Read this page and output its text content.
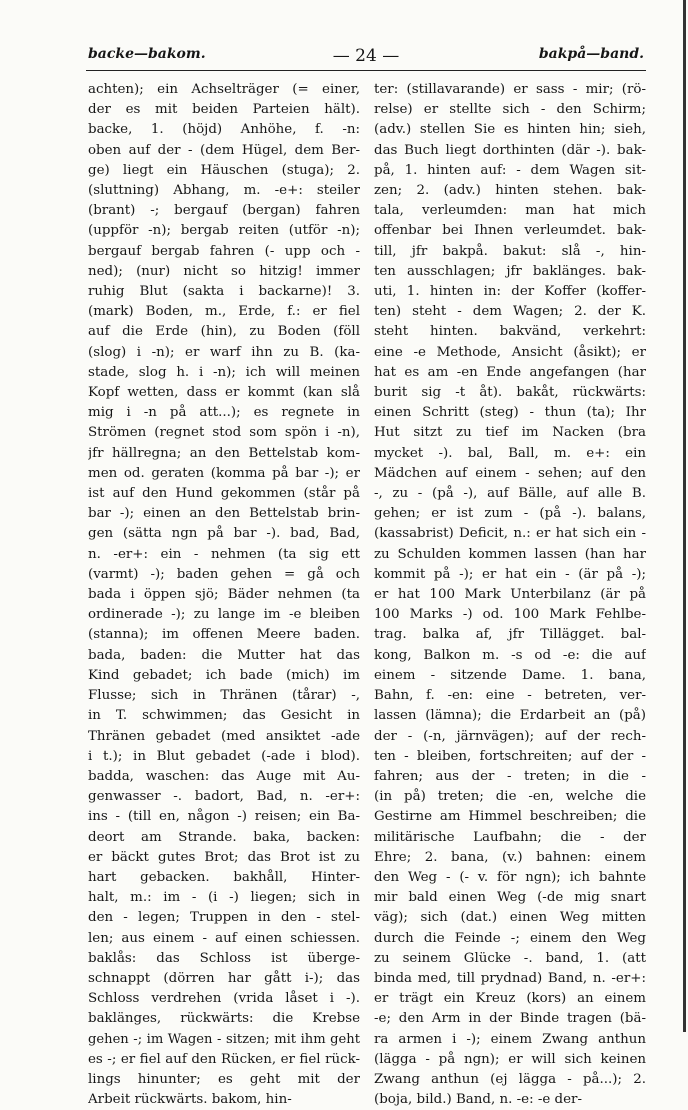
backe—bakom.	— 24 —	bakpå—band.

achten); ein Achselträger (= einer,

der es mit beiden Parteien hält).

backe, 1. (höjd) Anhöhe, f. -n:

oben auf der - (dem Hügel, dem Ber-

ge) liegt ein Häuschen (stuga); 2.

(sluttning) Abhang, m. -e+: steiler

(brant) -; bergauf (bergan) fahren

(uppför -n); bergab reiten (utför -n);

bergauf bergab fahren (- upp och -

ned); (nur) nicht so hitzig! immer

ruhig Blut (sakta i backarne)! 3.

(mark) Boden, m., Erde, f.: er fiel

auf die Erde (hin), zu Boden (föll

(slog) i -n); er warf ihn zu B. (ka-

stade, slog h. i -n); ich will meinen

Kopf wetten, dass er kommt (kan slå

mig i -n på att...); es regnete in

Strömen (regnet stod som spön i -n),

jfr hällregna; an den Bettelstab kom-

men od. geraten (komma på bar -); er

ist auf den Hund gekommen (står på

bar -); einen an den Bettelstab brin-

gen (sätta ngn på bar -). bad, Bad,

n. -er+: ein - nehmen (ta sig ett

(varmt) -); baden gehen = gå och

bada i öppen sjö; Bäder nehmen (ta

ordinerade -); zu lange im -e bleiben

(stanna); im offenen Meere baden.

bada, baden: die Mutter hat das

Kind gebadet; ich bade (mich) im

Flusse; sich in Thränen (tårar) -,

in T. schwimmen; das Gesicht in

Thränen gebadet (med ansiktet -ade

i t.); in Blut gebadet (-ade i blod).

badda, waschen: das Auge mit Au-

genwasser -. badort, Bad, n. -er+:

ins - (till en, någon -) reisen; ein Ba-

deort am Strande. baka, backen:

er bäckt gutes Brot; das Brot ist zu

hart gebacken. bakhåll, Hinter-

halt, m.: im - (i -) liegen; sich in

den - legen; Truppen in den - stel-

len; aus einem - auf einen schiessen.

baklås: das Schloss ist überge-

schnappt (dörren har gått i-); das

Schloss verdrehen (vrida låset i -).

baklänges, rückwärts: die Krebse

gehen -; im Wagen - sitzen; mit ihm geht

es -; er fiel auf den Rücken, er fiel rück-

lings hinunter; es geht mit der

Arbeit rückwärts. bakom, hin-

ter: (stillavarande) er sass - mir; (rö-

relse) er stellte sich - den Schirm;

(adv.) stellen Sie es hinten hin; sieh,

das Buch liegt dorthinten (där -). bak-

på, 1. hinten auf: - dem Wagen sit-

zen; 2. (adv.) hinten stehen. bak-

tala, verleumden: man hat mich

offenbar bei Ihnen verleumdet. bak-

till, jfr bakpå. bakut: slå -, hin-

ten ausschlagen; jfr baklänges. bak-

uti, 1. hinten in: der Koffer (koffer-

ten) steht - dem Wagen; 2. der K.

steht hinten. bakvänd, verkehrt:

eine -e Methode, Ansicht (åsikt); er

hat es am -en Ende angefangen (har

burit sig -t åt). bakåt, rückwärts:

einen Schritt (steg) - thun (ta); Ihr

Hut sitzt zu tief im Nacken (bra

mycket -). bal, Ball, m. e+: ein

Mädchen auf einem - sehen; auf den

-, zu - (på -), auf Bälle, auf alle B.

gehen; er ist zum - (på -). balans,

(kassabrist) Deficit, n.: er hat sich ein -

zu Schulden kommen lassen (han har

kommit på -); er hat ein - (är på -);

er hat 100 Mark Unterbilanz (är på

100 Marks -) od. 100 Mark Fehlbe-

trag. balka af, jfr Tillägget. bal-

kong, Balkon m. -s od -e: die auf

einem - sitzende Dame. 1. bana,

Bahn, f. -en: eine - betreten, ver-

lassen (lämna); die Erdarbeit an (på)

der - (-n, järnvägen); auf der rech-

ten - bleiben, fortschreiten; auf der -

fahren; aus der - treten; in die -

(in på) treten; die -en, welche die

Gestirne am Himmel beschreiben; die

militärische Laufbahn; die - der

Ehre; 2. bana, (v.) bahnen: einem

den Weg - (- v. för ngn); ich bahnte

mir bald einen Weg (-de mig snart

väg); sich (dat.) einen Weg mitten

durch die Feinde -; einem den Weg

zu seinem Glücke -. band, 1. (att

binda med, till prydnad) Band, n. -er+:

er trägt ein Kreuz (kors) an einem

-e; den Arm in der Binde tragen (bä-

ra armen i -); einem Zwang anthun

(lägga - på ngn); er will sich keinen

Zwang anthun (ej lägga - på...); 2.

(boja, bild.) Band, n. -e: -e der-
